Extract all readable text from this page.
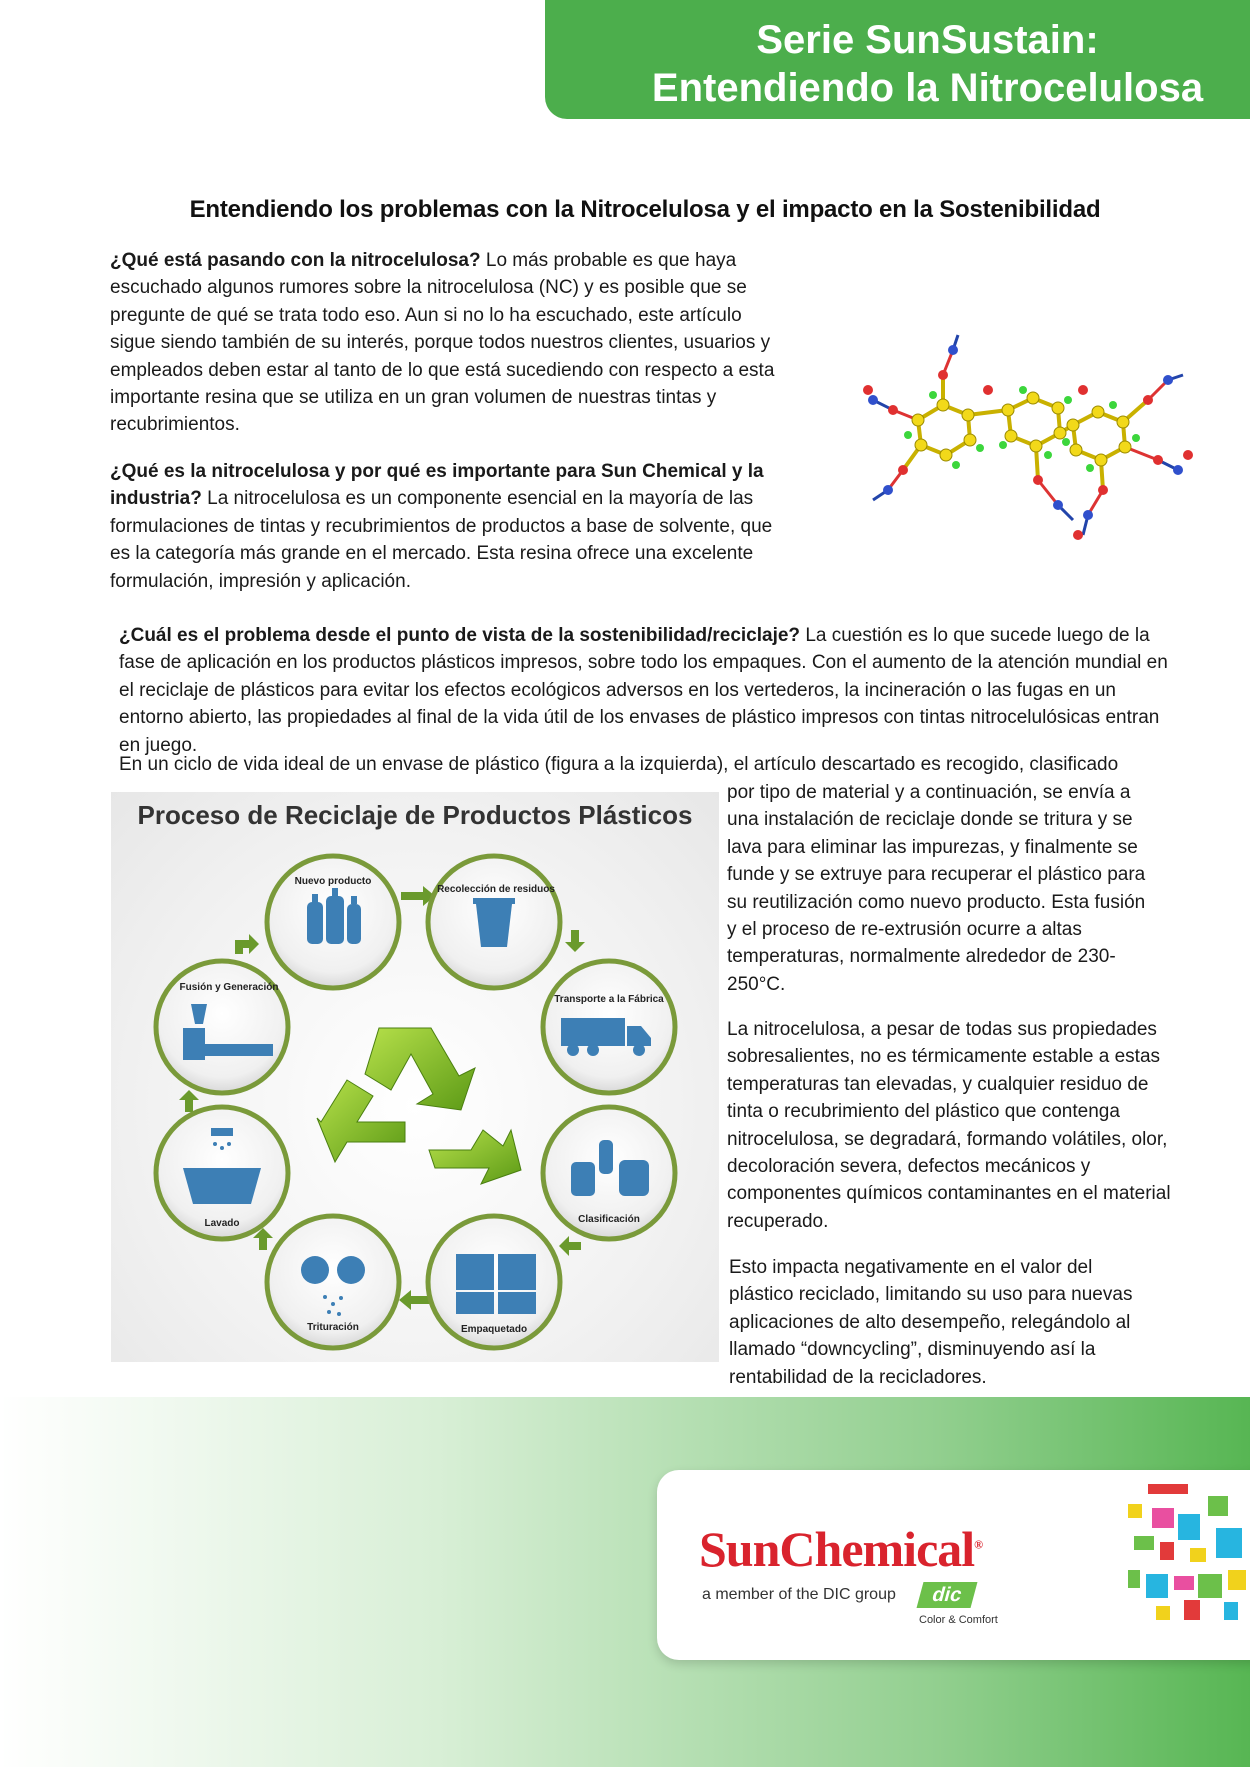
Serie SunSustain:
Entendiendo la Nitrocelulosa
Entendiendo los problemas con la Nitrocelulosa y el impacto en la Sostenibilidad
¿Qué está pasando con la nitrocelulosa? Lo más probable es que haya escuchado algunos rumores sobre la nitrocelulosa (NC) y es posible que se pregunte de qué se trata todo eso. Aun si no lo ha escuchado, este artículo sigue siendo también de su interés, porque todos nuestros clientes, usuarios y empleados deben estar al tanto de lo que está sucediendo con respecto a esta importante resina que se utiliza en un gran volumen de nuestras tintas y recubrimientos.
¿Qué es la nitrocelulosa y por qué es importante para Sun Chemical y la industria? La nitrocelulosa es un componente esencial en la mayoría de las formulaciones de tintas y recubrimientos de productos a base de solvente, que es la categoría más grande en el mercado. Esta resina ofrece una excelente formulación, impresión y aplicación.
¿Cuál es el problema desde el punto de vista de la sostenibilidad/reciclaje? La cuestión es lo que sucede luego de la fase de aplicación en los productos plásticos impresos, sobre todo los empaques. Con el aumento de la atención mundial en el reciclaje de plásticos para evitar los efectos ecológicos adversos en los vertederos, la incineración o las fugas en un entorno abierto, las propiedades al final de la vida útil de los envases de plástico impresos con tintas nitrocelulósicas entran en juego.
En un ciclo de vida ideal de un envase de plástico (figura a la izquierda), el artículo descartado es recogido, clasificado
por tipo de material y a continuación, se envía a una instalación de reciclaje donde se tritura y se lava para eliminar las impurezas, y finalmente se funde y se extruye para recuperar el plástico para su reutilización como nuevo producto. Esta fusión y el proceso de re-extrusión ocurre a altas temperaturas, normalmente alrededor de 230-250°C.
Nuevo producto
Recolección de residuos
Transporte a la Fábrica
Clasificación
Empaquetado
Trituración
Lavado
Fusión y Generación
Proceso de Reciclaje de Productos Plásticos
La nitrocelulosa, a pesar de todas sus propiedades sobresalientes, no es térmicamente estable a estas temperaturas tan elevadas, y cualquier residuo de tinta o recubrimiento del plástico que contenga nitrocelulosa, se degradará, formando volátiles, olor, decoloración severa, defectos mecánicos y componentes químicos contaminantes en el material recuperado.
Esto impacta negativamente en el valor del plástico reciclado, limitando su uso para nuevas aplicaciones de alto desempeño, relegándolo al llamado “downcycling”, disminuyendo así la rentabilidad de la recicladores.
SunChemical®
a member of the DIC group	dic
Color & Comfort
